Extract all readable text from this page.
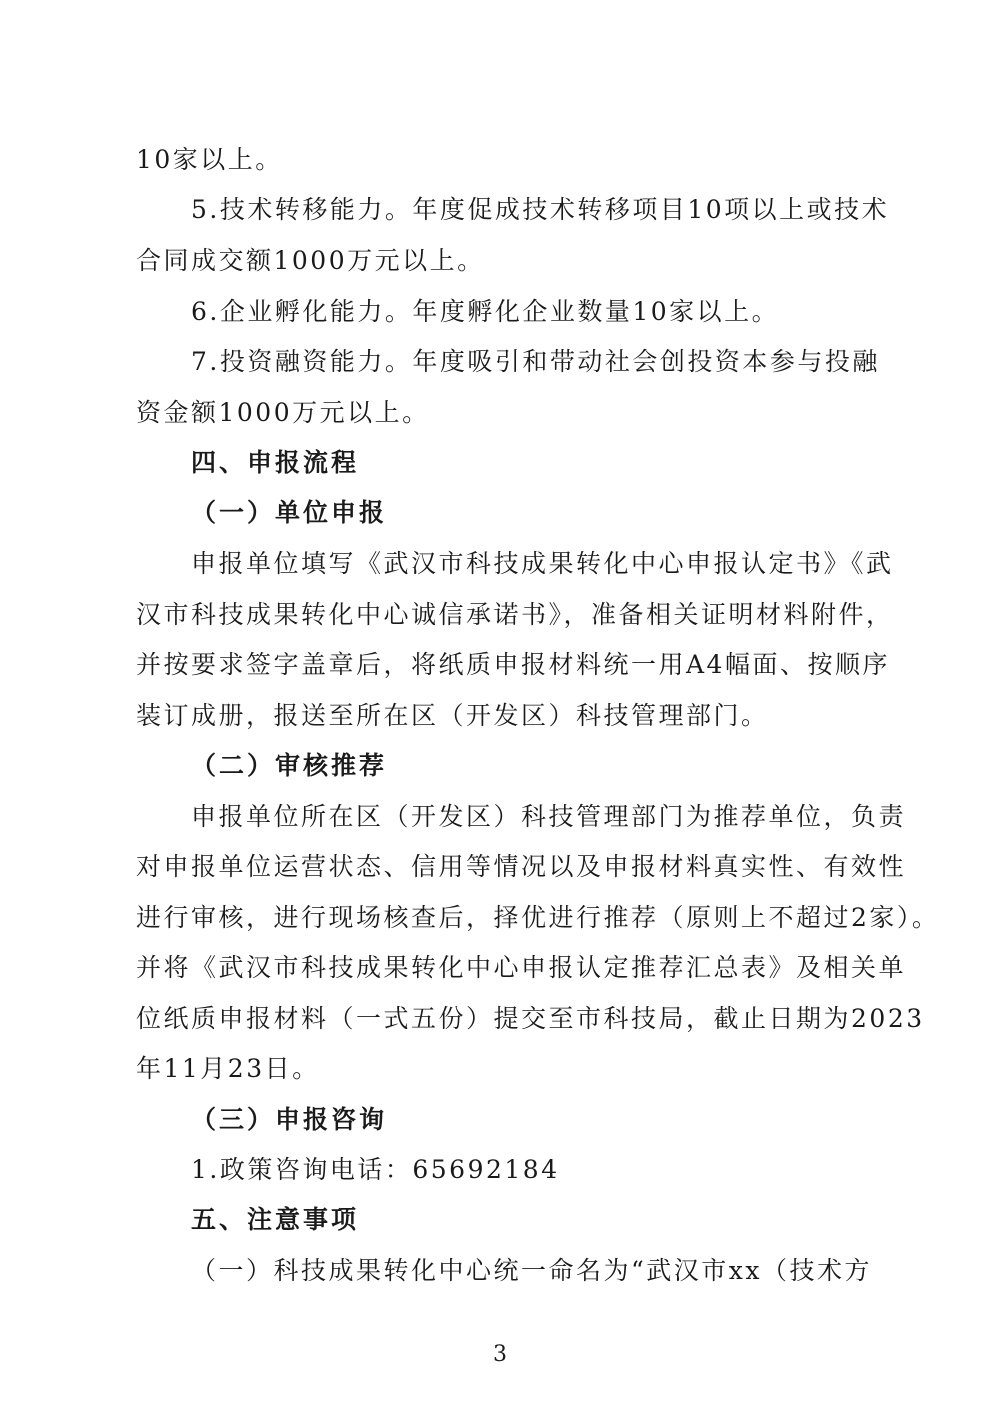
10家以上。
5.技术转移能力。年度促成技术转移项目10项以上或技术
合同成交额1000万元以上。
6.企业孵化能力。年度孵化企业数量10家以上。
7.投资融资能力。年度吸引和带动社会创投资本参与投融
资金额1000万元以上。
四、申报流程
（一）单位申报
申报单位填写《武汉市科技成果转化中心申报认定书》《武
汉市科技成果转化中心诚信承诺书》，准备相关证明材料附件，
并按要求签字盖章后，将纸质申报材料统一用A4幅面、按顺序
装订成册，报送至所在区（开发区）科技管理部门。
（二）审核推荐
申报单位所在区（开发区）科技管理部门为推荐单位，负责
对申报单位运营状态、信用等情况以及申报材料真实性、有效性
进行审核，进行现场核查后，择优进行推荐（原则上不超过2家）。
并将《武汉市科技成果转化中心申报认定推荐汇总表》及相关单
位纸质申报材料（一式五份）提交至市科技局，截止日期为2023
年11月23日。
（三）申报咨询
1.政策咨询电话：65692184
五、注意事项
（一）科技成果转化中心统一命名为“武汉市xx（技术方
3
